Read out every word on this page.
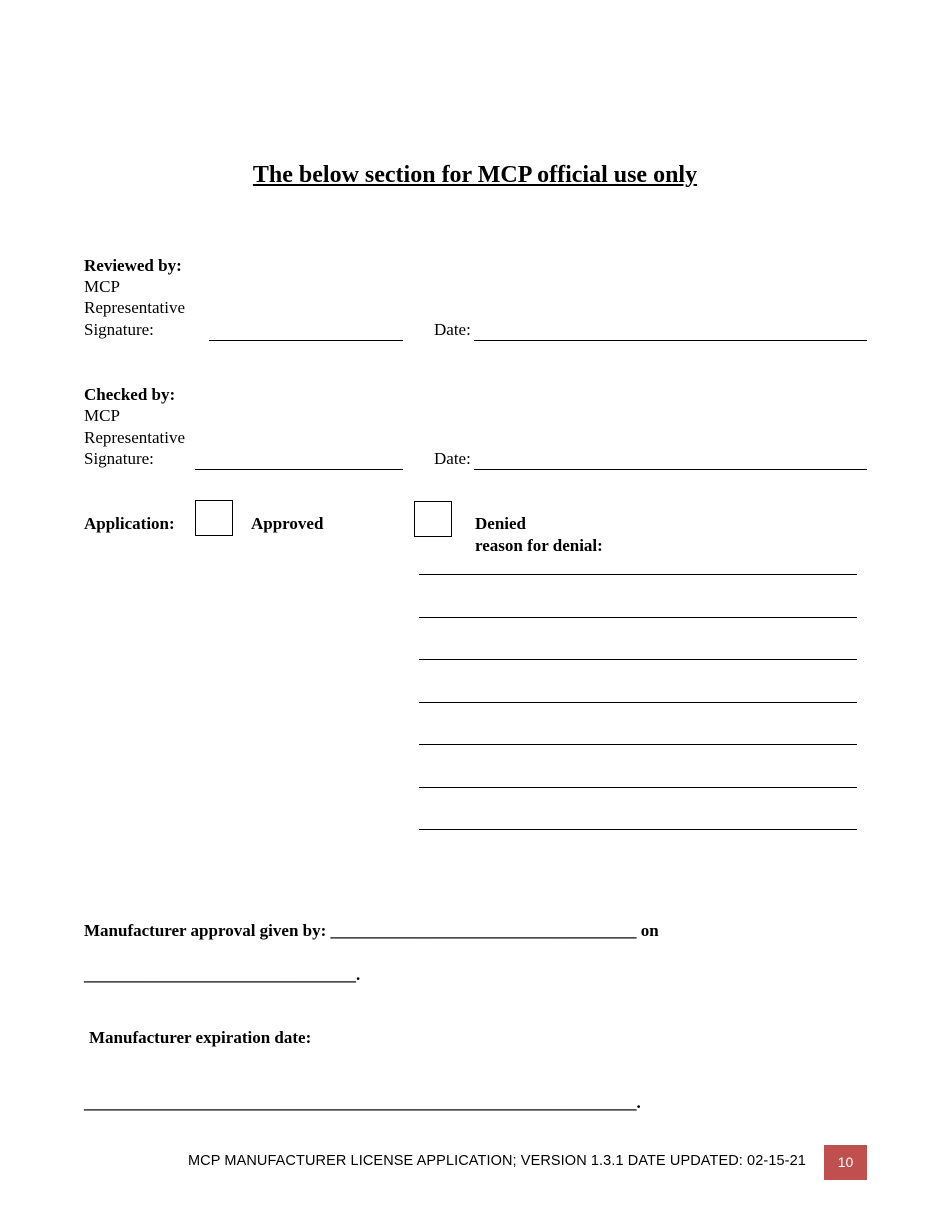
The below section for MCP official use only
Reviewed by:
MCP
Representative
Signature:	Date:
Checked by:
MCP
Representative
Signature:	Date:
Application:	Approved	Denied
reason for denial:
Manufacturer approval given by: ____________________________________ on
________________________________.
Manufacturer expiration date:
_________________________________________________________________.
MCP MANUFACTURER LICENSE APPLICATION; VERSION 1.3.1 DATE UPDATED: 02-15-21	10
